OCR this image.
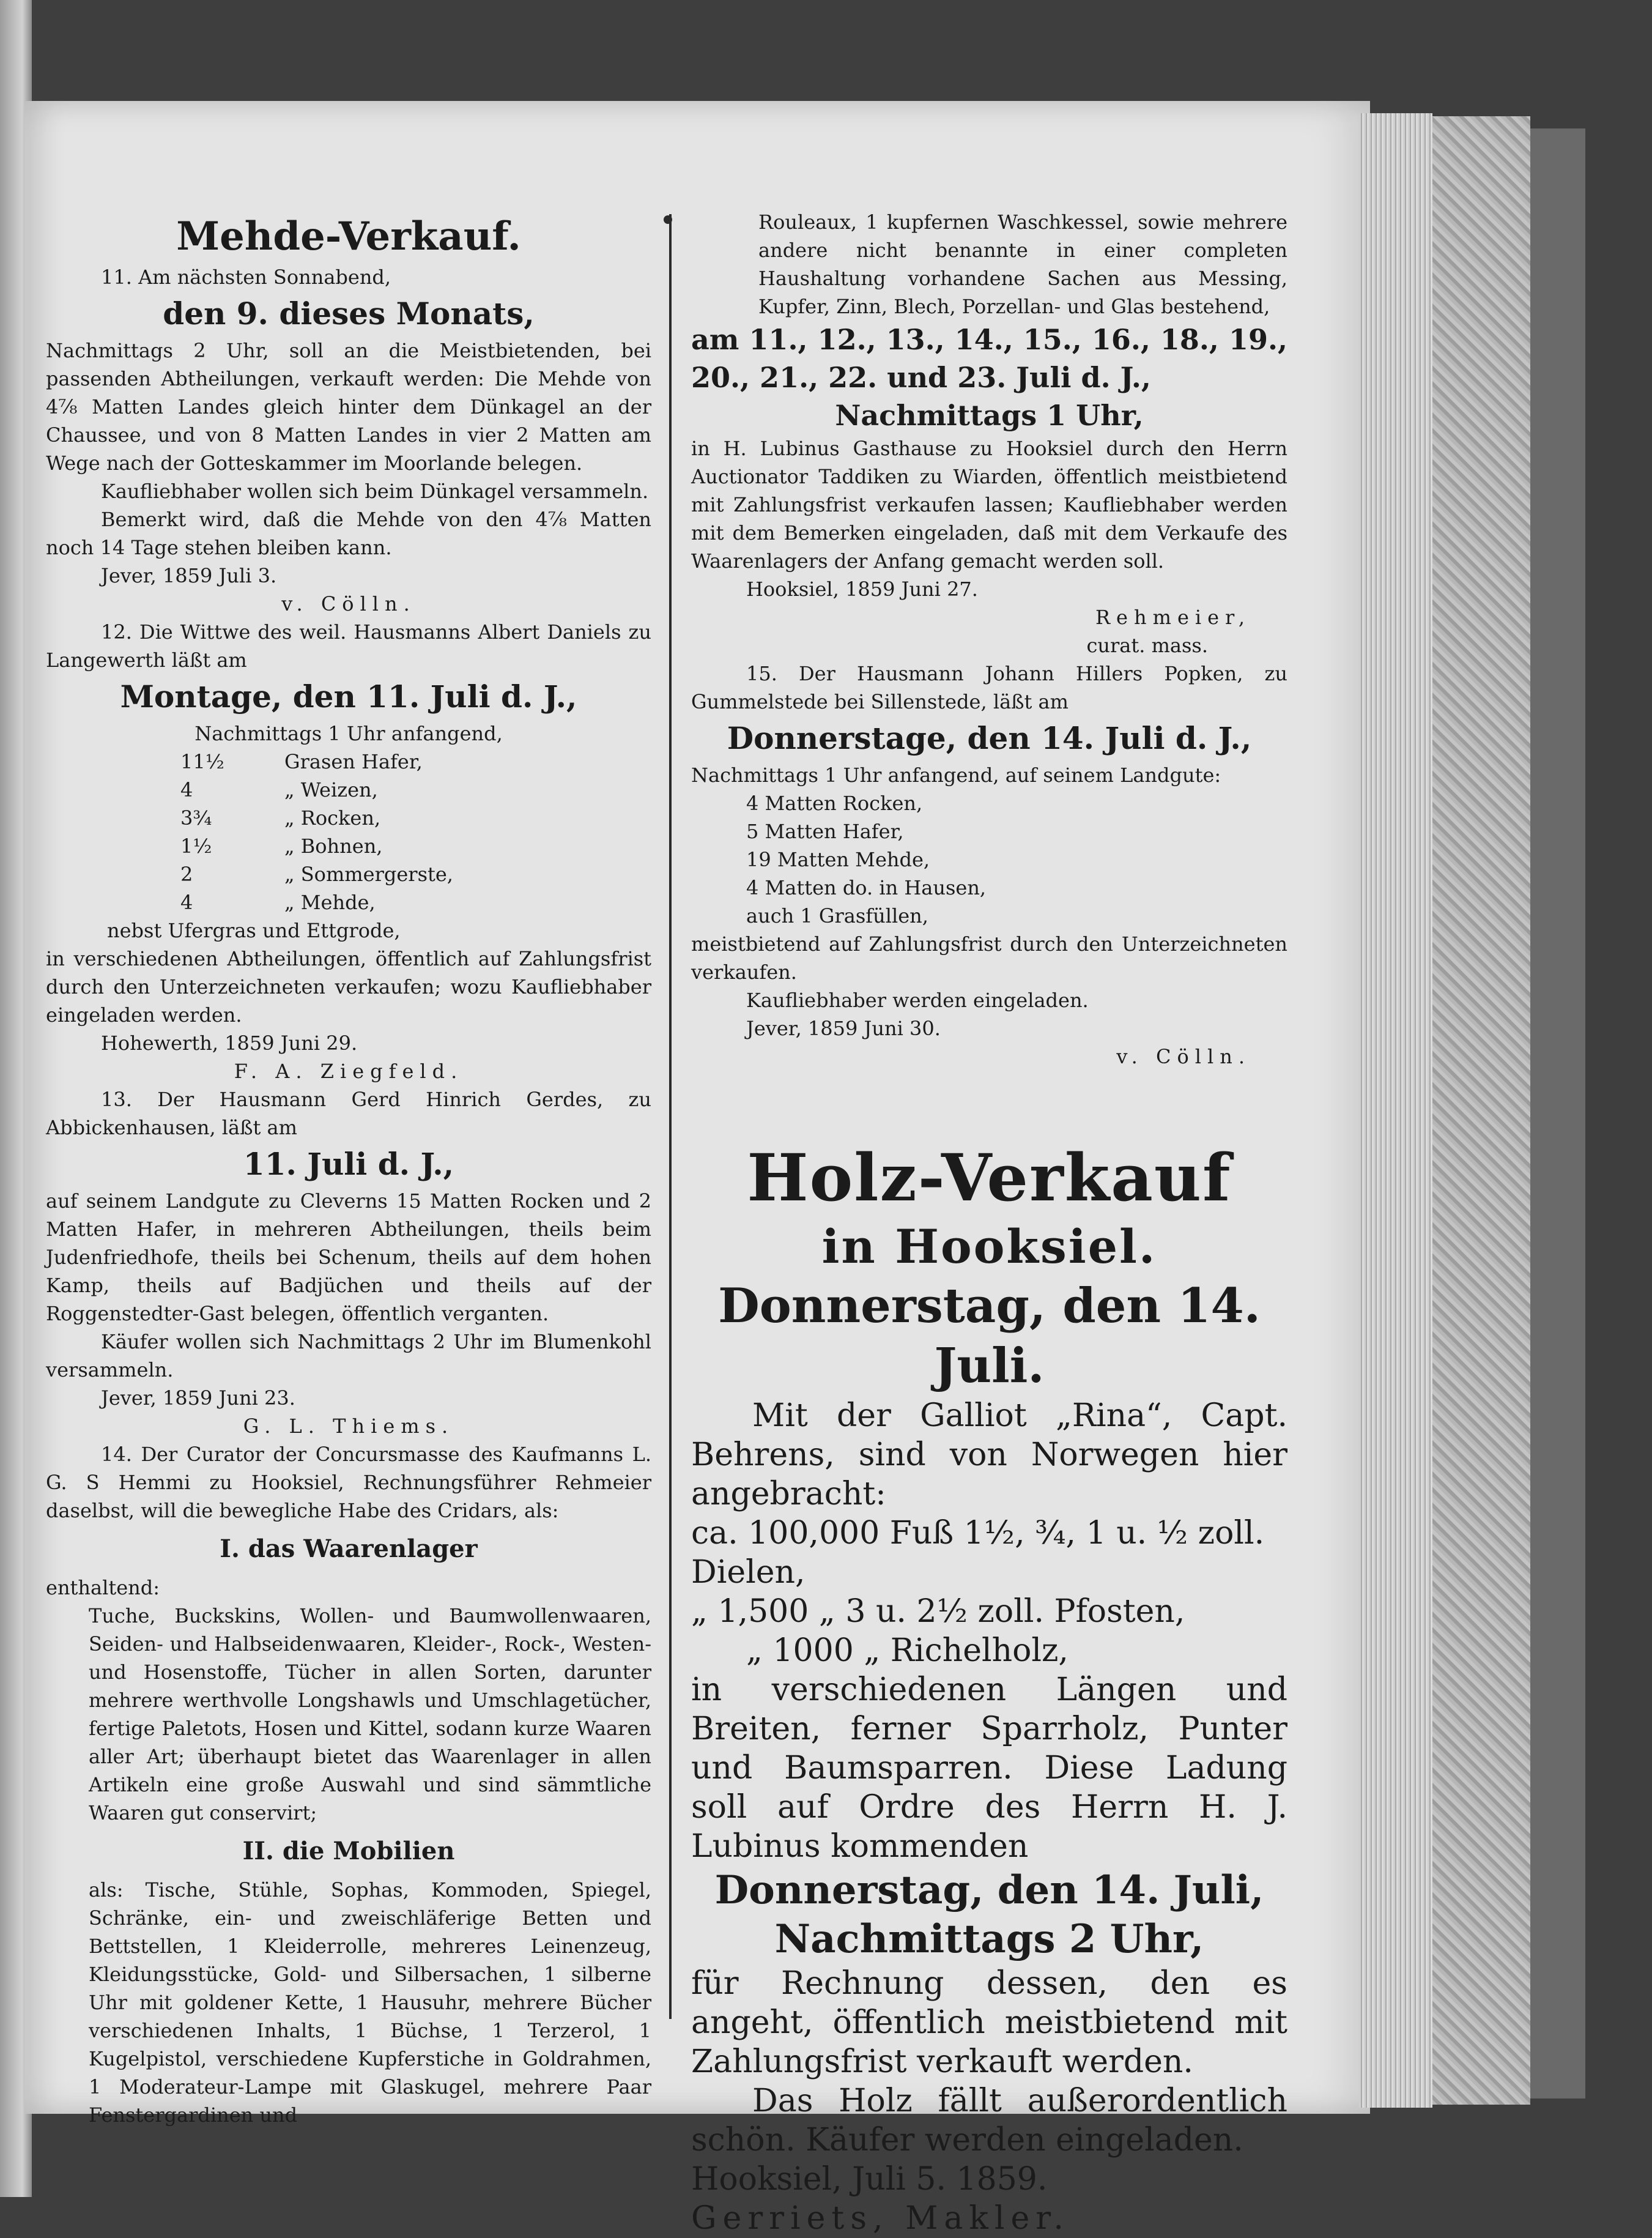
Mehde-Verkauf.

11. Am nächsten Sonnabend,

den 9. dieses Monats,

Nachmittags 2 Uhr, soll an die Meistbietenden, bei passenden Abtheilungen, verkauft werden: Die Mehde von 4⅞ Matten Landes gleich hinter dem Dünkagel an der Chaussee, und von 8 Matten Landes in vier 2 Matten am Wege nach der Gotteskammer im Moorlande belegen.

Kaufliebhaber wollen sich beim Dünkagel versammeln.

Bemerkt wird, daß die Mehde von den 4⅞ Matten noch 14 Tage stehen bleiben kann.

Jever, 1859 Juli 3.

v. Cölln.

12. Die Wittwe des weil. Hausmanns Albert Daniels zu Langewerth läßt am

Montage, den 11. Juli d. J.,

Nachmittags 1 Uhr anfangend,

11½	Grasen Hafer,
4	„ Weizen,
3¾	„ Rocken,
1½	„ Bohnen,
2	„ Sommergerste,
4	„ Mehde,

nebst Ufergras und Ettgrode,

in verschiedenen Abtheilungen, öffentlich auf Zahlungsfrist durch den Unterzeichneten verkaufen; wozu Kaufliebhaber eingeladen werden.

Hohewerth, 1859 Juni 29.

F. A. Ziegfeld.

13. Der Hausmann Gerd Hinrich Gerdes, zu Abbickenhausen, läßt am

11. Juli d. J.,

auf seinem Landgute zu Cleverns 15 Matten Rocken und 2 Matten Hafer, in mehreren Abtheilungen, theils beim Judenfriedhofe, theils bei Schenum, theils auf dem hohen Kamp, theils auf Badjüchen und theils auf der Roggenstedter-Gast belegen, öffentlich verganten.

Käufer wollen sich Nachmittags 2 Uhr im Blumenkohl versammeln.

Jever, 1859 Juni 23.

G. L. Thiems.

14. Der Curator der Concursmasse des Kaufmanns L. G. S Hemmi zu Hooksiel, Rechnungsführer Rehmeier daselbst, will die bewegliche Habe des Cridars, als:

I. das Waarenlager

enthaltend:

Tuche, Buckskins, Wollen- und Baumwollenwaaren, Seiden- und Halbseidenwaaren, Kleider-, Rock-, Westen- und Hosenstoffe, Tücher in allen Sorten, darunter mehrere werthvolle Longshawls und Umschlagetücher, fertige Paletots, Hosen und Kittel, sodann kurze Waaren aller Art; überhaupt bietet das Waarenlager in allen Artikeln eine große Auswahl und sind sämmtliche Waaren gut conservirt;

II. die Mobilien

als: Tische, Stühle, Sophas, Kommoden, Spiegel, Schränke, ein- und zweischläferige Betten und Bettstellen, 1 Kleiderrolle, mehreres Leinenzeug, Kleidungsstücke, Gold- und Silbersachen, 1 silberne Uhr mit goldener Kette, 1 Hausuhr, mehrere Bücher verschiedenen Inhalts, 1 Büchse, 1 Terzerol, 1 Kugelpistol, verschiedene Kupferstiche in Goldrahmen, 1 Moderateur-Lampe mit Glaskugel, mehrere Paar Fenstergardinen und

Rouleaux, 1 kupfernen Waschkessel, sowie mehrere andere nicht benannte in einer completen Haushaltung vorhandene Sachen aus Messing, Kupfer, Zinn, Blech, Porzellan- und Glas bestehend,

am 11., 12., 13., 14., 15., 16., 18., 19., 20., 21., 22. und 23. Juli d. J.,
Nachmittags 1 Uhr,

in H. Lubinus Gasthause zu Hooksiel durch den Herrn Auctionator Taddiken zu Wiarden, öffentlich meistbietend mit Zahlungsfrist verkaufen lassen; Kaufliebhaber werden mit dem Bemerken eingeladen, daß mit dem Verkaufe des Waarenlagers der Anfang gemacht werden soll.

Hooksiel, 1859 Juni 27.

Rehmeier,

curat. mass.

15. Der Hausmann Johann Hillers Popken, zu Gummelstede bei Sillenstede, läßt am

Donnerstage, den 14. Juli d. J.,

Nachmittags 1 Uhr anfangend, auf seinem Landgute:

4 Matten Rocken,

5 Matten Hafer,

19 Matten Mehde,

4 Matten do. in Hausen,

auch 1 Grasfüllen,

meistbietend auf Zahlungsfrist durch den Unterzeichneten verkaufen.

Kaufliebhaber werden eingeladen.

Jever, 1859 Juni 30.

v. Cölln.

Holz-Verkauf
in Hooksiel.
Donnerstag, den 14. Juli.

Mit der Galliot „Rina“, Capt. Behrens, sind von Norwegen hier angebracht:

ca. 100,000 Fuß 1½, ¾, 1 u. ½ zoll.

Dielen,

„ 1,500 „ 3 u. 2½ zoll. Pfosten,

„ 1000 „ Richelholz,

in verschiedenen Längen und Breiten, ferner Sparrholz, Punter und Baumsparren. Diese Ladung soll auf Ordre des Herrn H. J. Lubinus kommenden

Donnerstag, den 14. Juli,
Nachmittags 2 Uhr,

für Rechnung dessen, den es angeht, öffentlich meistbietend mit Zahlungsfrist verkauft werden.

Das Holz fällt außerordentlich schön. Käufer werden eingeladen.

Hooksiel, Juli 5. 1859.

Gerriets, Makler.
